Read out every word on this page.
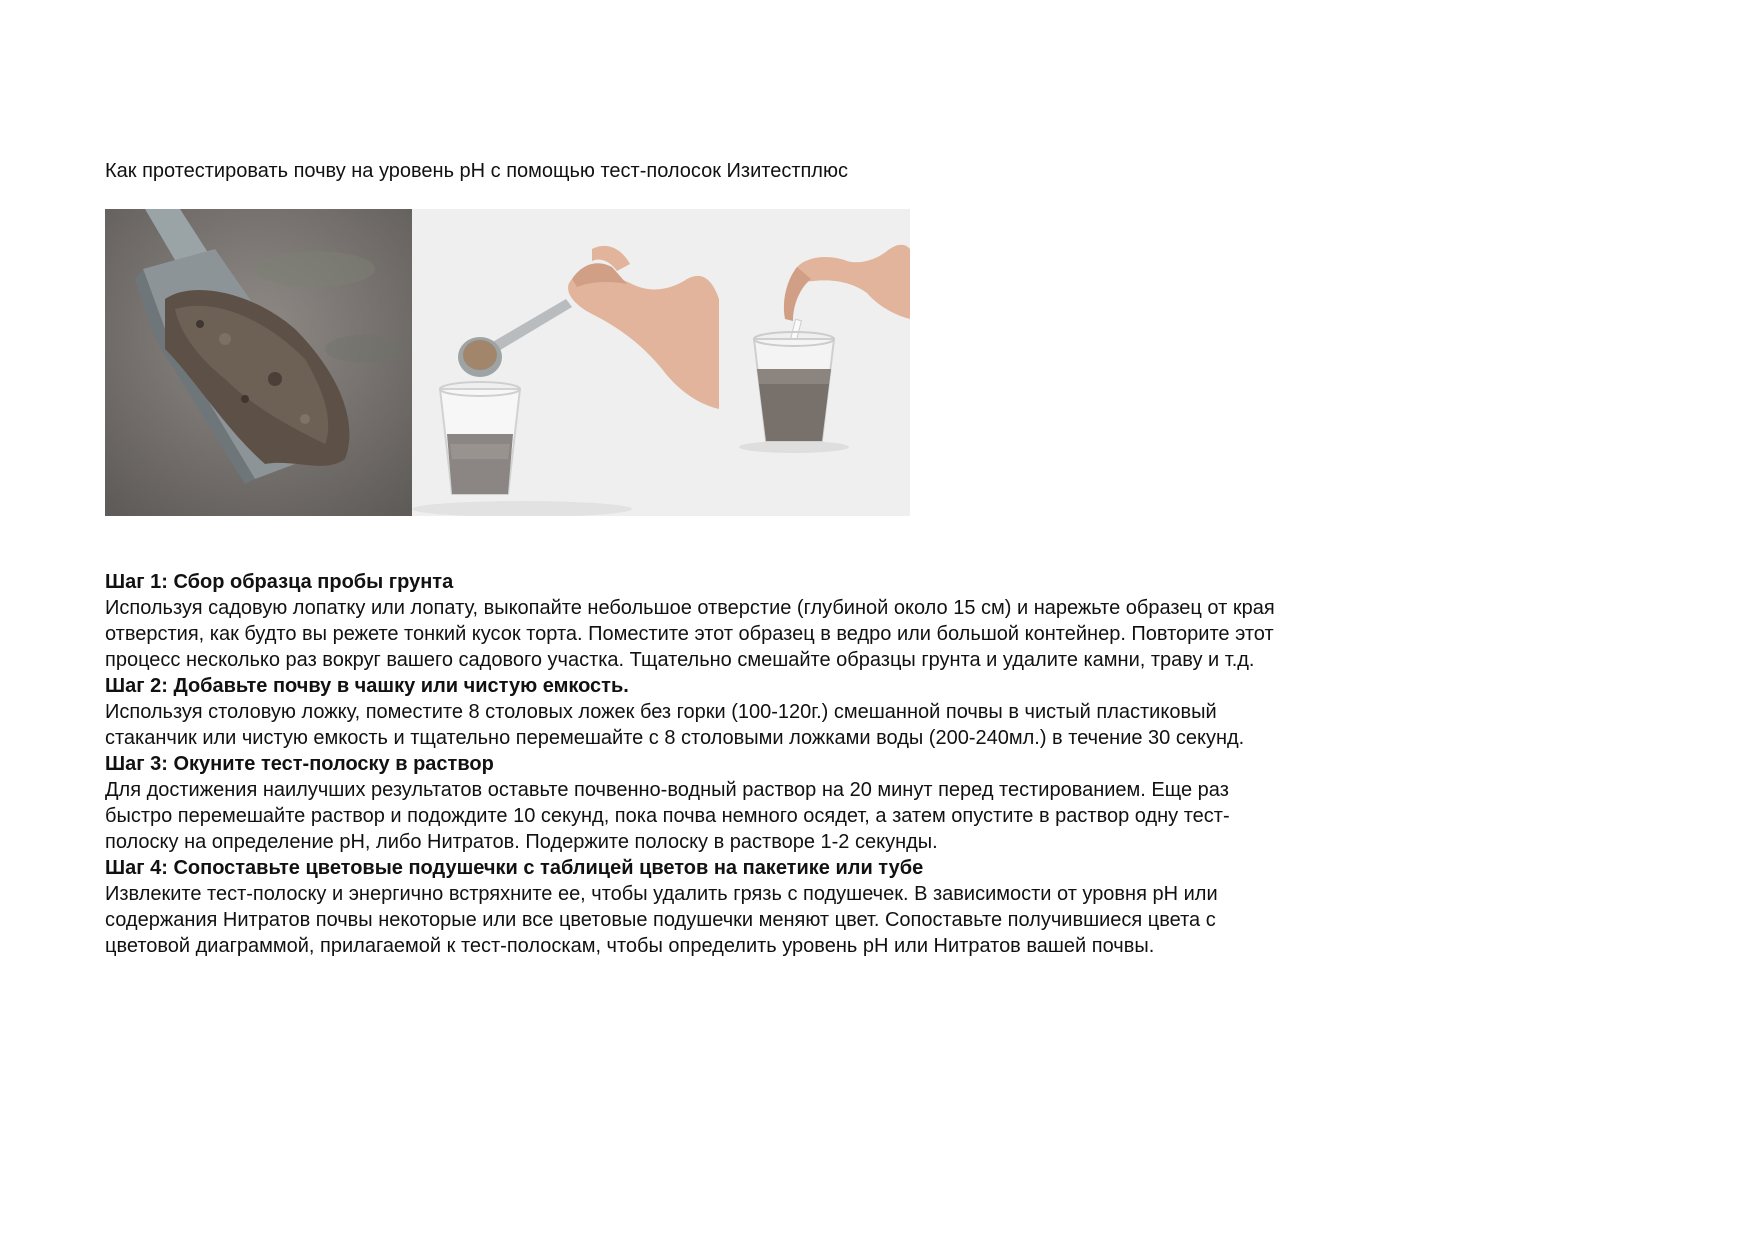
Как протестировать почву на уровень рН с помощью тест-полосок Изитестплюс

Шаг 1: Сбор образца пробы грунта

Используя садовую лопатку или лопату, выкопайте небольшое отверстие (глубиной около 15 см) и нарежьте образец от края

отверстия, как будто вы режете тонкий кусок торта. Поместите этот образец в ведро или большой контейнер. Повторите этот

процесс несколько раз вокруг вашего садового участка. Тщательно смешайте образцы грунта и удалите камни, траву и т.д.

Шаг 2: Добавьте почву в чашку или чистую емкость.

Используя столовую ложку, поместите 8 столовых ложек без горки (100-120г.) смешанной почвы в чистый пластиковый

стаканчик или чистую емкость и тщательно перемешайте с 8 столовыми ложками воды (200-240мл.) в течение 30 секунд.

Шаг 3: Окуните тест-полоску в раствор

Для достижения наилучших результатов оставьте почвенно-водный раствор на 20 минут перед тестированием. Еще раз

быстро перемешайте раствор и подождите 10 секунд, пока почва немного осядет, а затем опустите в раствор одну тест-

полоску на определение рН, либо Нитратов. Подержите полоску в растворе 1-2 секунды.

Шаг 4: Сопоставьте цветовые подушечки с таблицей цветов на пакетике или тубе

Извлеките тест-полоску и энергично встряхните ее, чтобы удалить грязь с подушечек. В зависимости от уровня рН или

содержания Нитратов почвы некоторые или все цветовые подушечки меняют цвет. Сопоставьте получившиеся цвета с

цветовой диаграммой, прилагаемой к тест-полоскам, чтобы определить уровень рН или Нитратов вашей почвы.
